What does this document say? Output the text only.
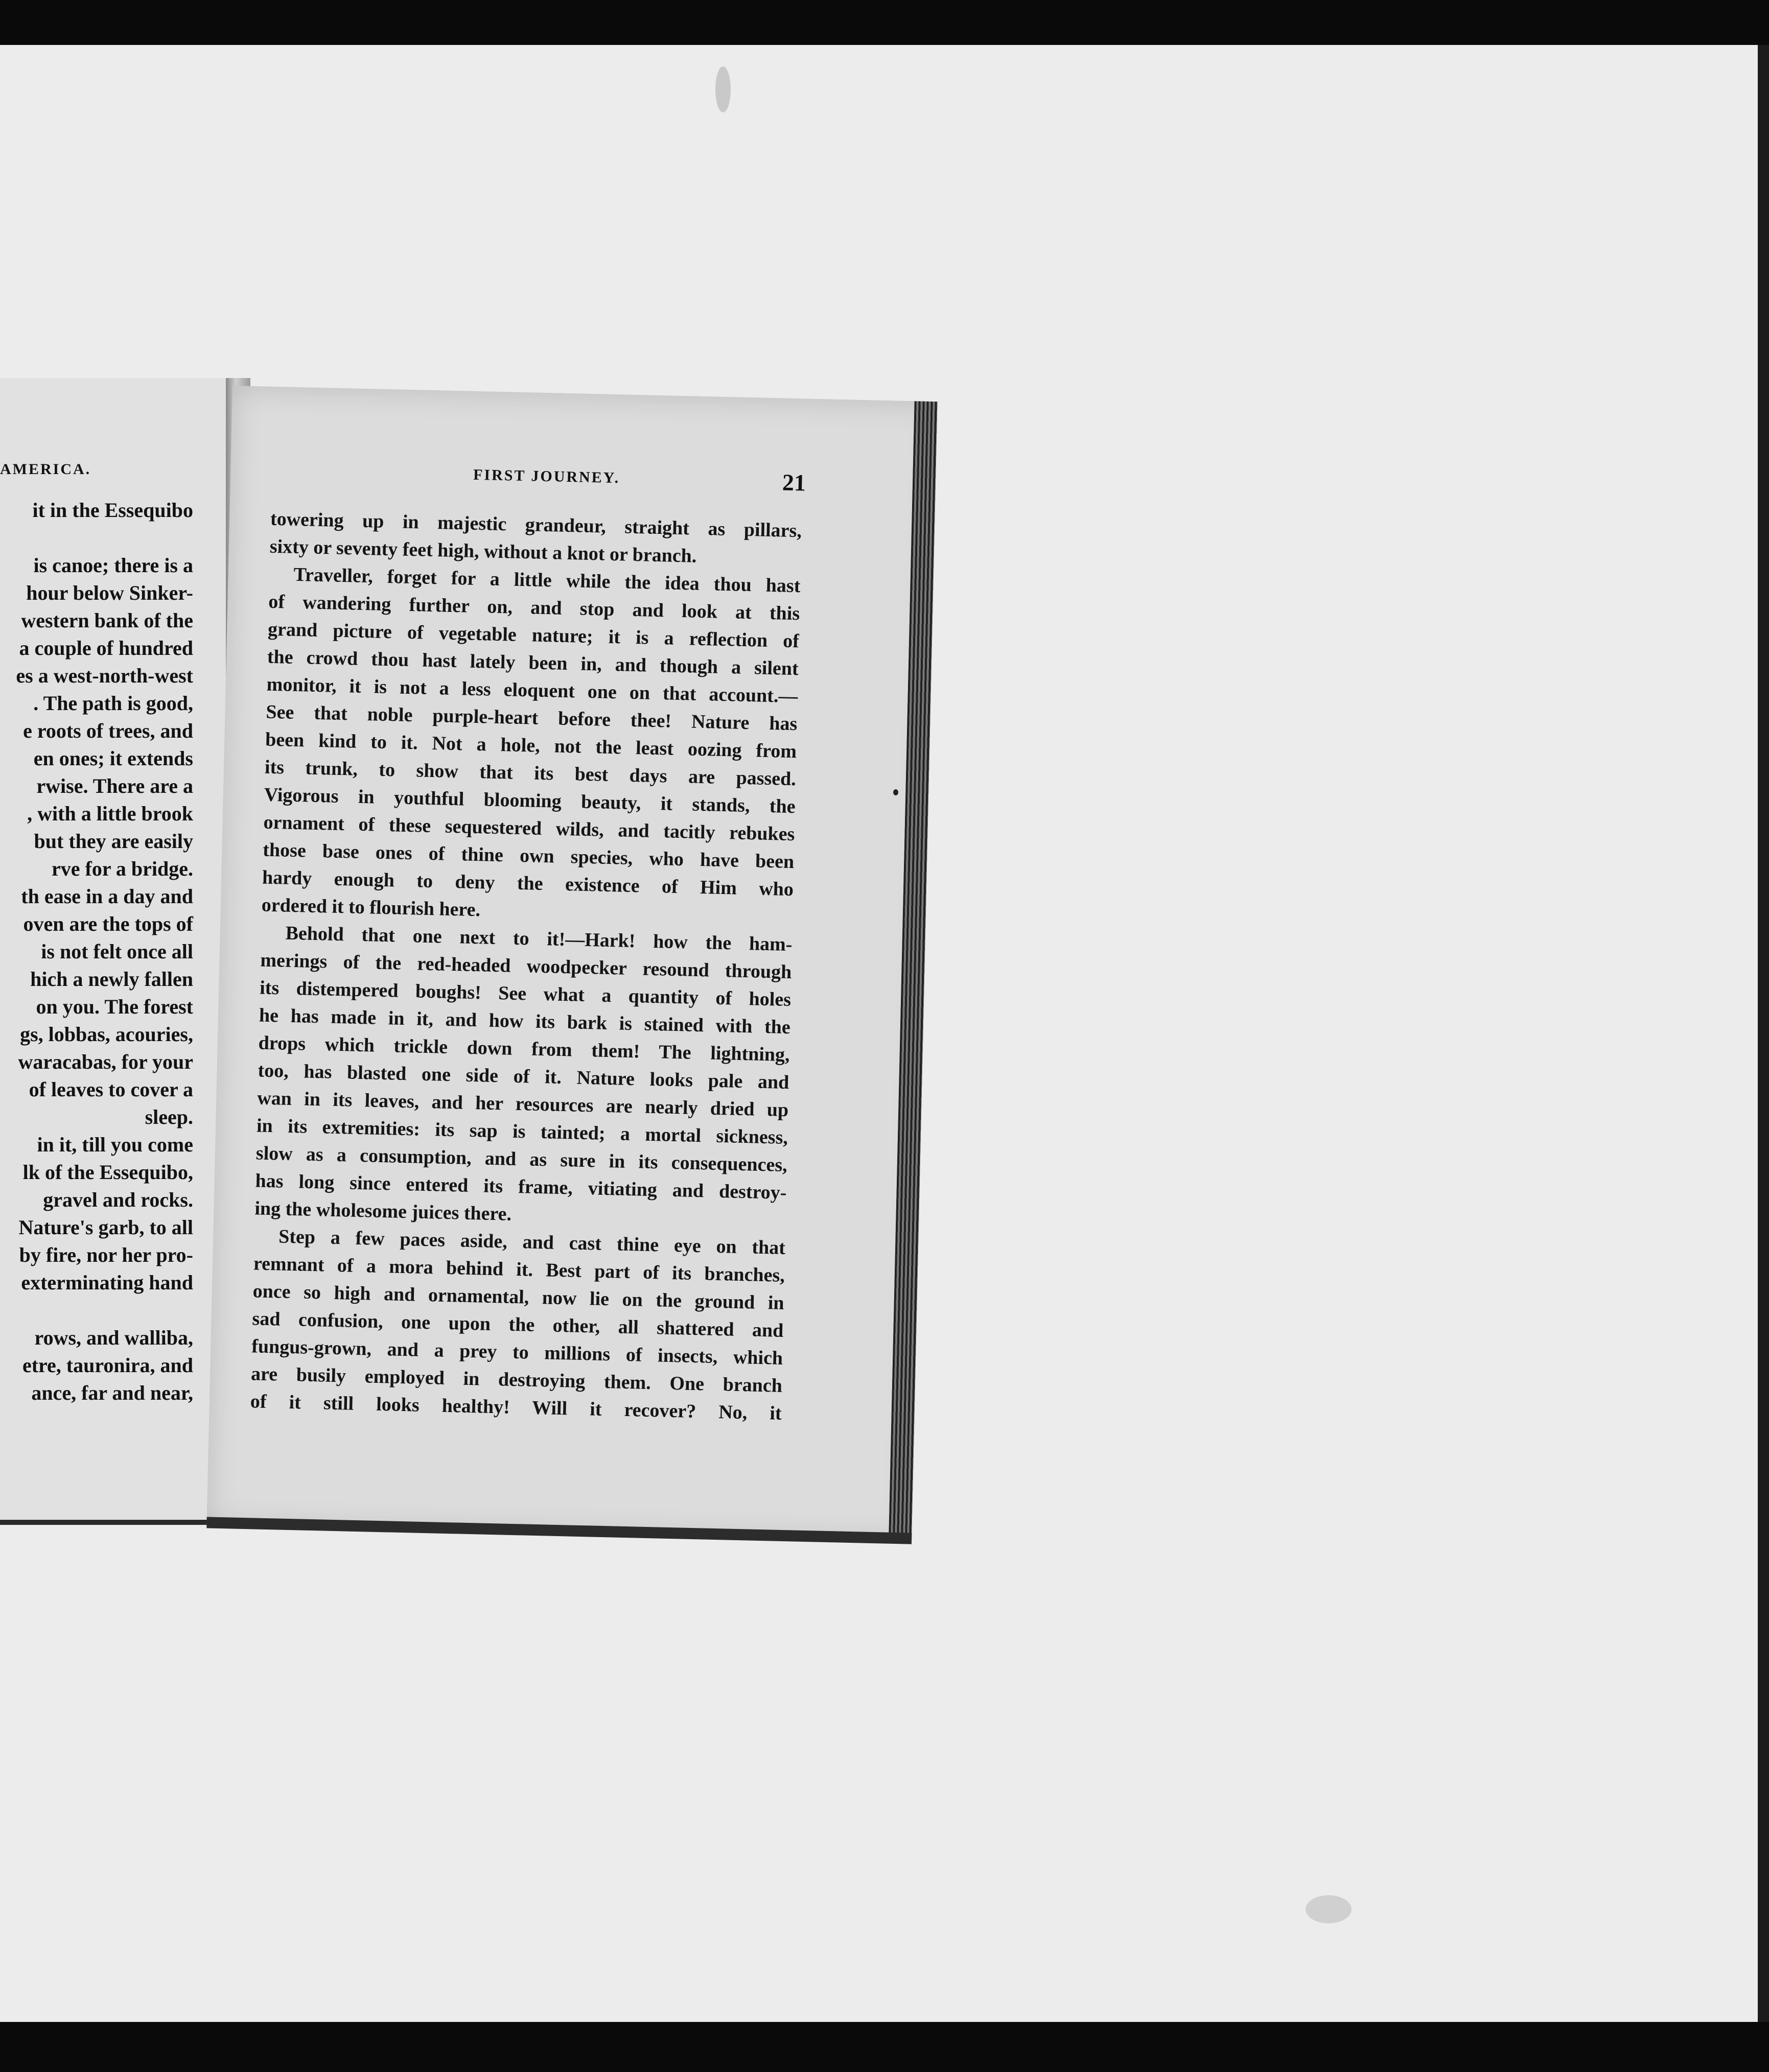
AMERICA.
it in the Essequibo
is canoe; there is a
hour below Sinker-
western bank of the
a couple of hundred
es a west-north-west
. The path is good,
e roots of trees, and
en ones; it extends
rwise. There are a
, with a little brook
but they are easily
rve for a bridge.
th ease in a day and
oven are the tops of
is not felt once all
hich a newly fallen
on you. The forest
gs, lobbas, acouries,
waracabas, for your
of leaves to cover a
sleep.
in it, till you come
lk of the Essequibo,
gravel and rocks.
Nature's garb, to all
by fire, nor her pro-
exterminating hand
rows, and walliba,
etre, tauronira, and
ance, far and near,
FIRST JOURNEY.	21
towering up in majestic grandeur, straight as pillars,
sixty or seventy feet high, without a knot or branch.
Traveller, forget for a little while the idea thou hast
of wandering further on, and stop and look at this
grand picture of vegetable nature; it is a reflection of
the crowd thou hast lately been in, and though a silent
monitor, it is not a less eloquent one on that account.—
See that noble purple-heart before thee! Nature has
been kind to it. Not a hole, not the least oozing from
its trunk, to show that its best days are passed.
Vigorous in youthful blooming beauty, it stands, the
ornament of these sequestered wilds, and tacitly rebukes
those base ones of thine own species, who have been
hardy enough to deny the existence of Him who
ordered it to flourish here.
Behold that one next to it!—Hark! how the ham-
merings of the red-headed woodpecker resound through
its distempered boughs! See what a quantity of holes
he has made in it, and how its bark is stained with the
drops which trickle down from them! The lightning,
too, has blasted one side of it. Nature looks pale and
wan in its leaves, and her resources are nearly dried up
in its extremities: its sap is tainted; a mortal sickness,
slow as a consumption, and as sure in its consequences,
has long since entered its frame, vitiating and destroy-
ing the wholesome juices there.
Step a few paces aside, and cast thine eye on that
remnant of a mora behind it. Best part of its branches,
once so high and ornamental, now lie on the ground in
sad confusion, one upon the other, all shattered and
fungus-grown, and a prey to millions of insects, which
are busily employed in destroying them. One branch
of it still looks healthy! Will it recover? No, it
